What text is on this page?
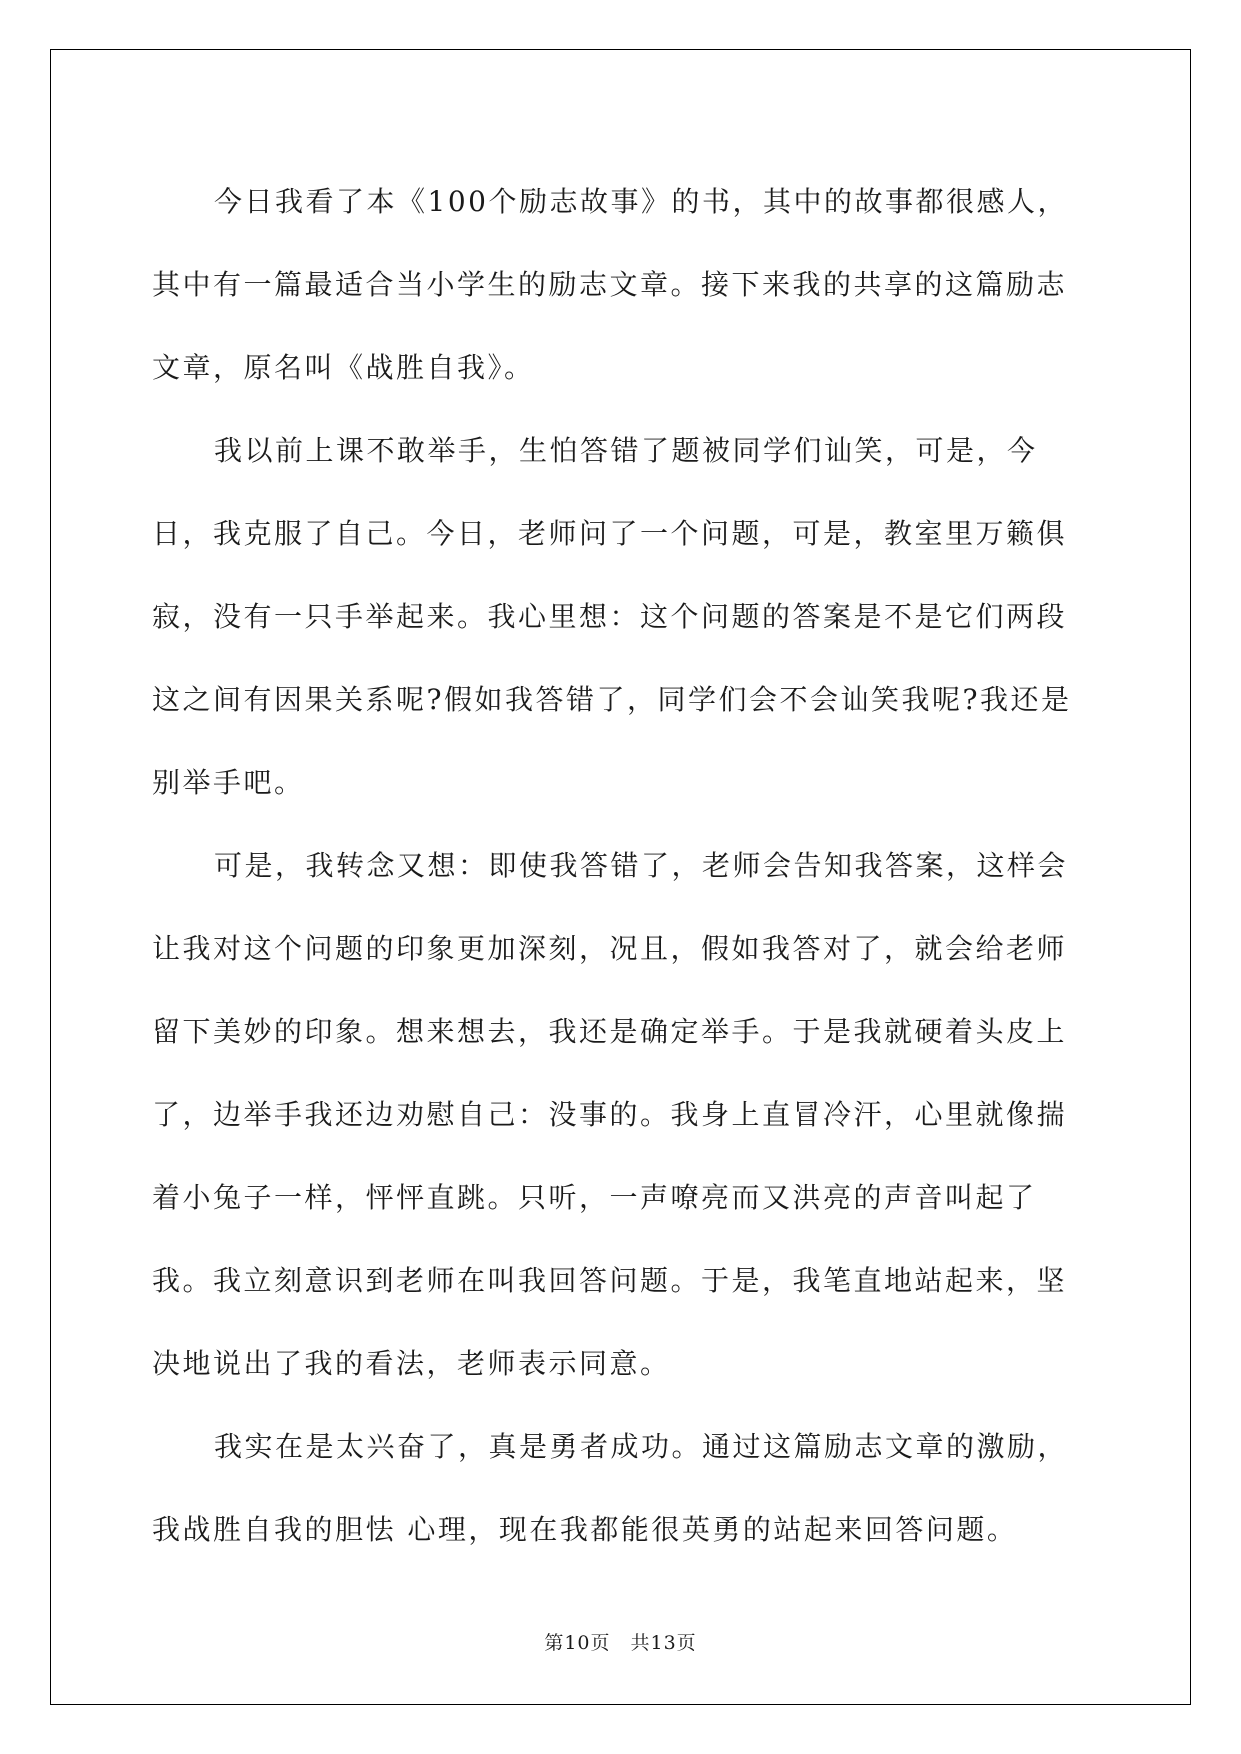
今日我看了本《100个励志故事》的书，其中的故事都很感人，其中有一篇最适合当小学生的励志文章。接下来我的共享的这篇励志文章，原名叫《战胜自我》。

我以前上课不敢举手，生怕答错了题被同学们讪笑，可是，今日，我克服了自己。今日，老师问了一个问题，可是，教室里万籁俱寂，没有一只手举起来。我心里想：这个问题的答案是不是它们两段这之间有因果关系呢?假如我答错了，同学们会不会讪笑我呢?我还是别举手吧。

可是，我转念又想：即使我答错了，老师会告知我答案，这样会让我对这个问题的印象更加深刻，况且，假如我答对了，就会给老师留下美妙的印象。想来想去，我还是确定举手。于是我就硬着头皮上了，边举手我还边劝慰自己：没事的。我身上直冒冷汗，心里就像揣着小兔子一样，怦怦直跳。只听，一声嘹亮而又洪亮的声音叫起了我。我立刻意识到老师在叫我回答问题。于是，我笔直地站起来，坚决地说出了我的看法，老师表示同意。

我实在是太兴奋了，真是勇者成功。通过这篇励志文章的激励，我战胜自我的胆怯 心理，现在我都能很英勇的站起来回答问题。

第10页　共13页
